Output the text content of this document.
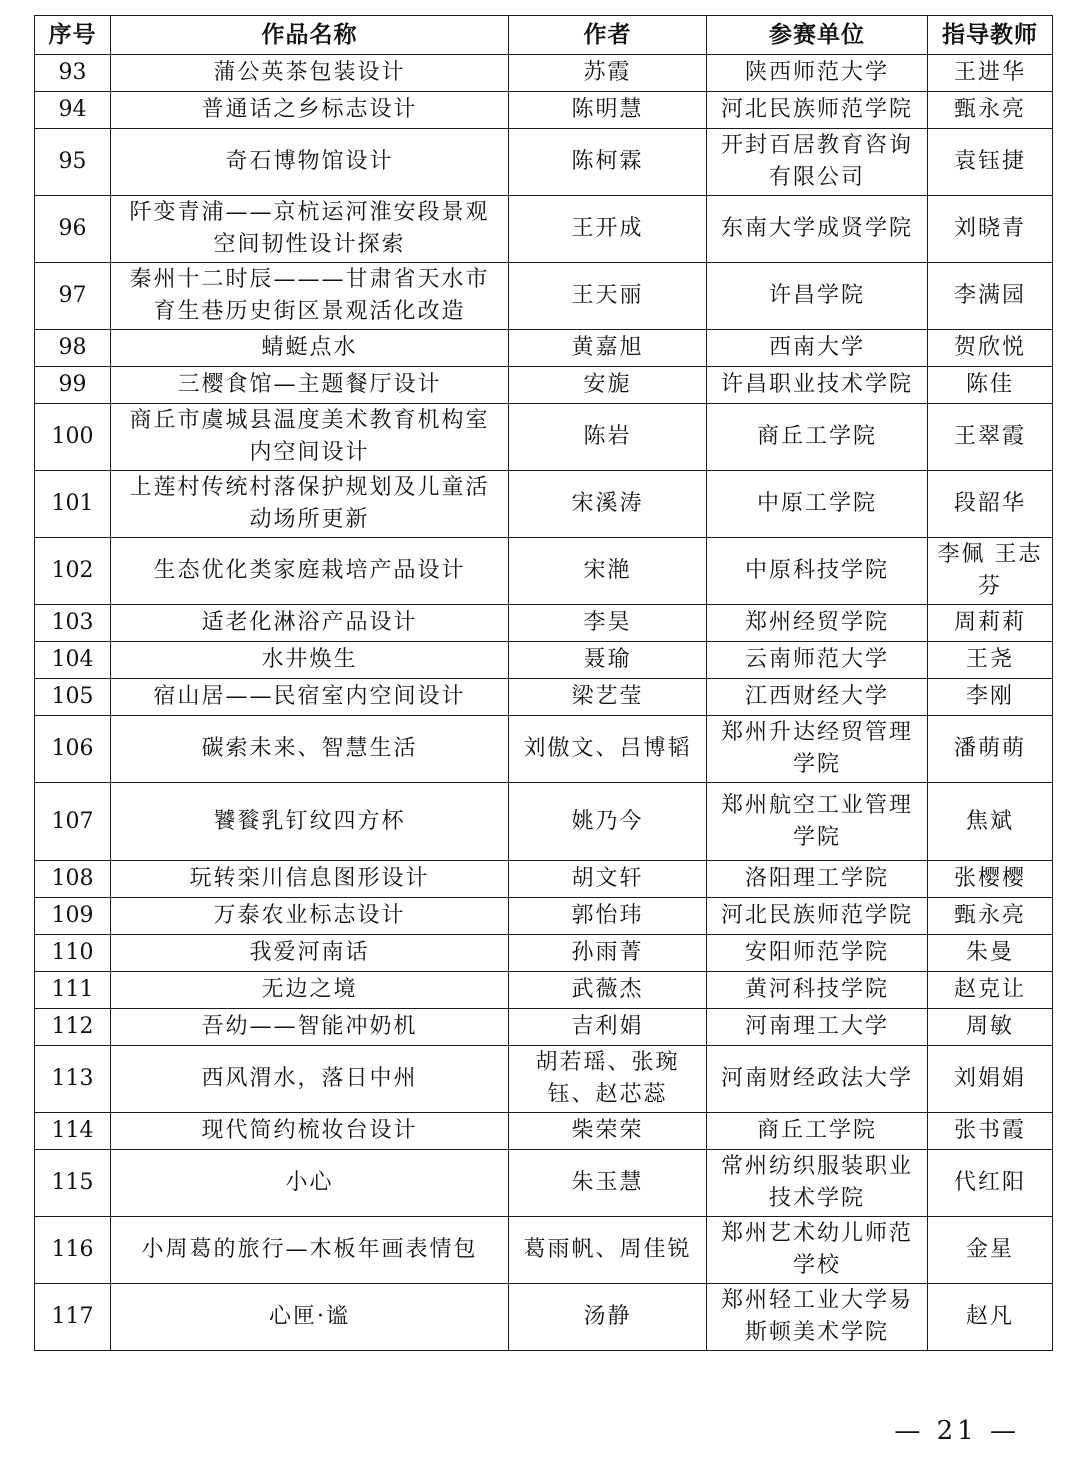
序号	作品名称	作者	参赛单位	指导教师
93	蒲公英茶包装设计	苏霞	陕西师范大学	王进华
94	普通话之乡标志设计	陈明慧	河北民族师范学院	甄永亮
95	奇石博物馆设计	陈柯霖	开封百居教育咨询有限公司	袁钰捷
96	阡变青浦——京杭运河淮安段景观空间韧性设计探索	王开成	东南大学成贤学院	刘晓青
97	秦州十二时辰———甘肃省天水市育生巷历史街区景观活化改造	王天丽	许昌学院	李满园
98	蜻蜓点水	黄嘉旭	西南大学	贺欣悦
99	三樱食馆—主题餐厅设计	安旎	许昌职业技术学院	陈佳
100	商丘市虞城县温度美术教育机构室内空间设计	陈岩	商丘工学院	王翠霞
101	上莲村传统村落保护规划及儿童活动场所更新	宋溪涛	中原工学院	段韶华
102	生态优化类家庭栽培产品设计	宋滟	中原科技学院	李佩 王志芬
103	适老化淋浴产品设计	李昊	郑州经贸学院	周莉莉
104	水井焕生	聂瑜	云南师范大学	王尧
105	宿山居——民宿室内空间设计	梁艺莹	江西财经大学	李刚
106	碳索未来、智慧生活	刘傲文、吕博韬	郑州升达经贸管理学院	潘萌萌
107	饕餮乳钉纹四方杯	姚乃今	郑州航空工业管理学院	焦斌
108	玩转栾川信息图形设计	胡文轩	洛阳理工学院	张樱樱
109	万泰农业标志设计	郭怡玮	河北民族师范学院	甄永亮
110	我爱河南话	孙雨菁	安阳师范学院	朱曼
111	无边之境	武薇杰	黄河科技学院	赵克让
112	吾幼——智能冲奶机	吉利娟	河南理工大学	周敏
113	西风渭水，落日中州	胡若瑶、张琬钰、赵芯蕊	河南财经政法大学	刘娟娟
114	现代简约梳妆台设计	柴荣荣	商丘工学院	张书霞
115	小心	朱玉慧	常州纺织服装职业技术学院	代红阳
116	小周葛的旅行—木板年画表情包	葛雨帆、周佳锐	郑州艺术幼儿师范学校	金星
117	心匣·谧	汤静	郑州轻工业大学易斯顿美术学院	赵凡
— 21 —
